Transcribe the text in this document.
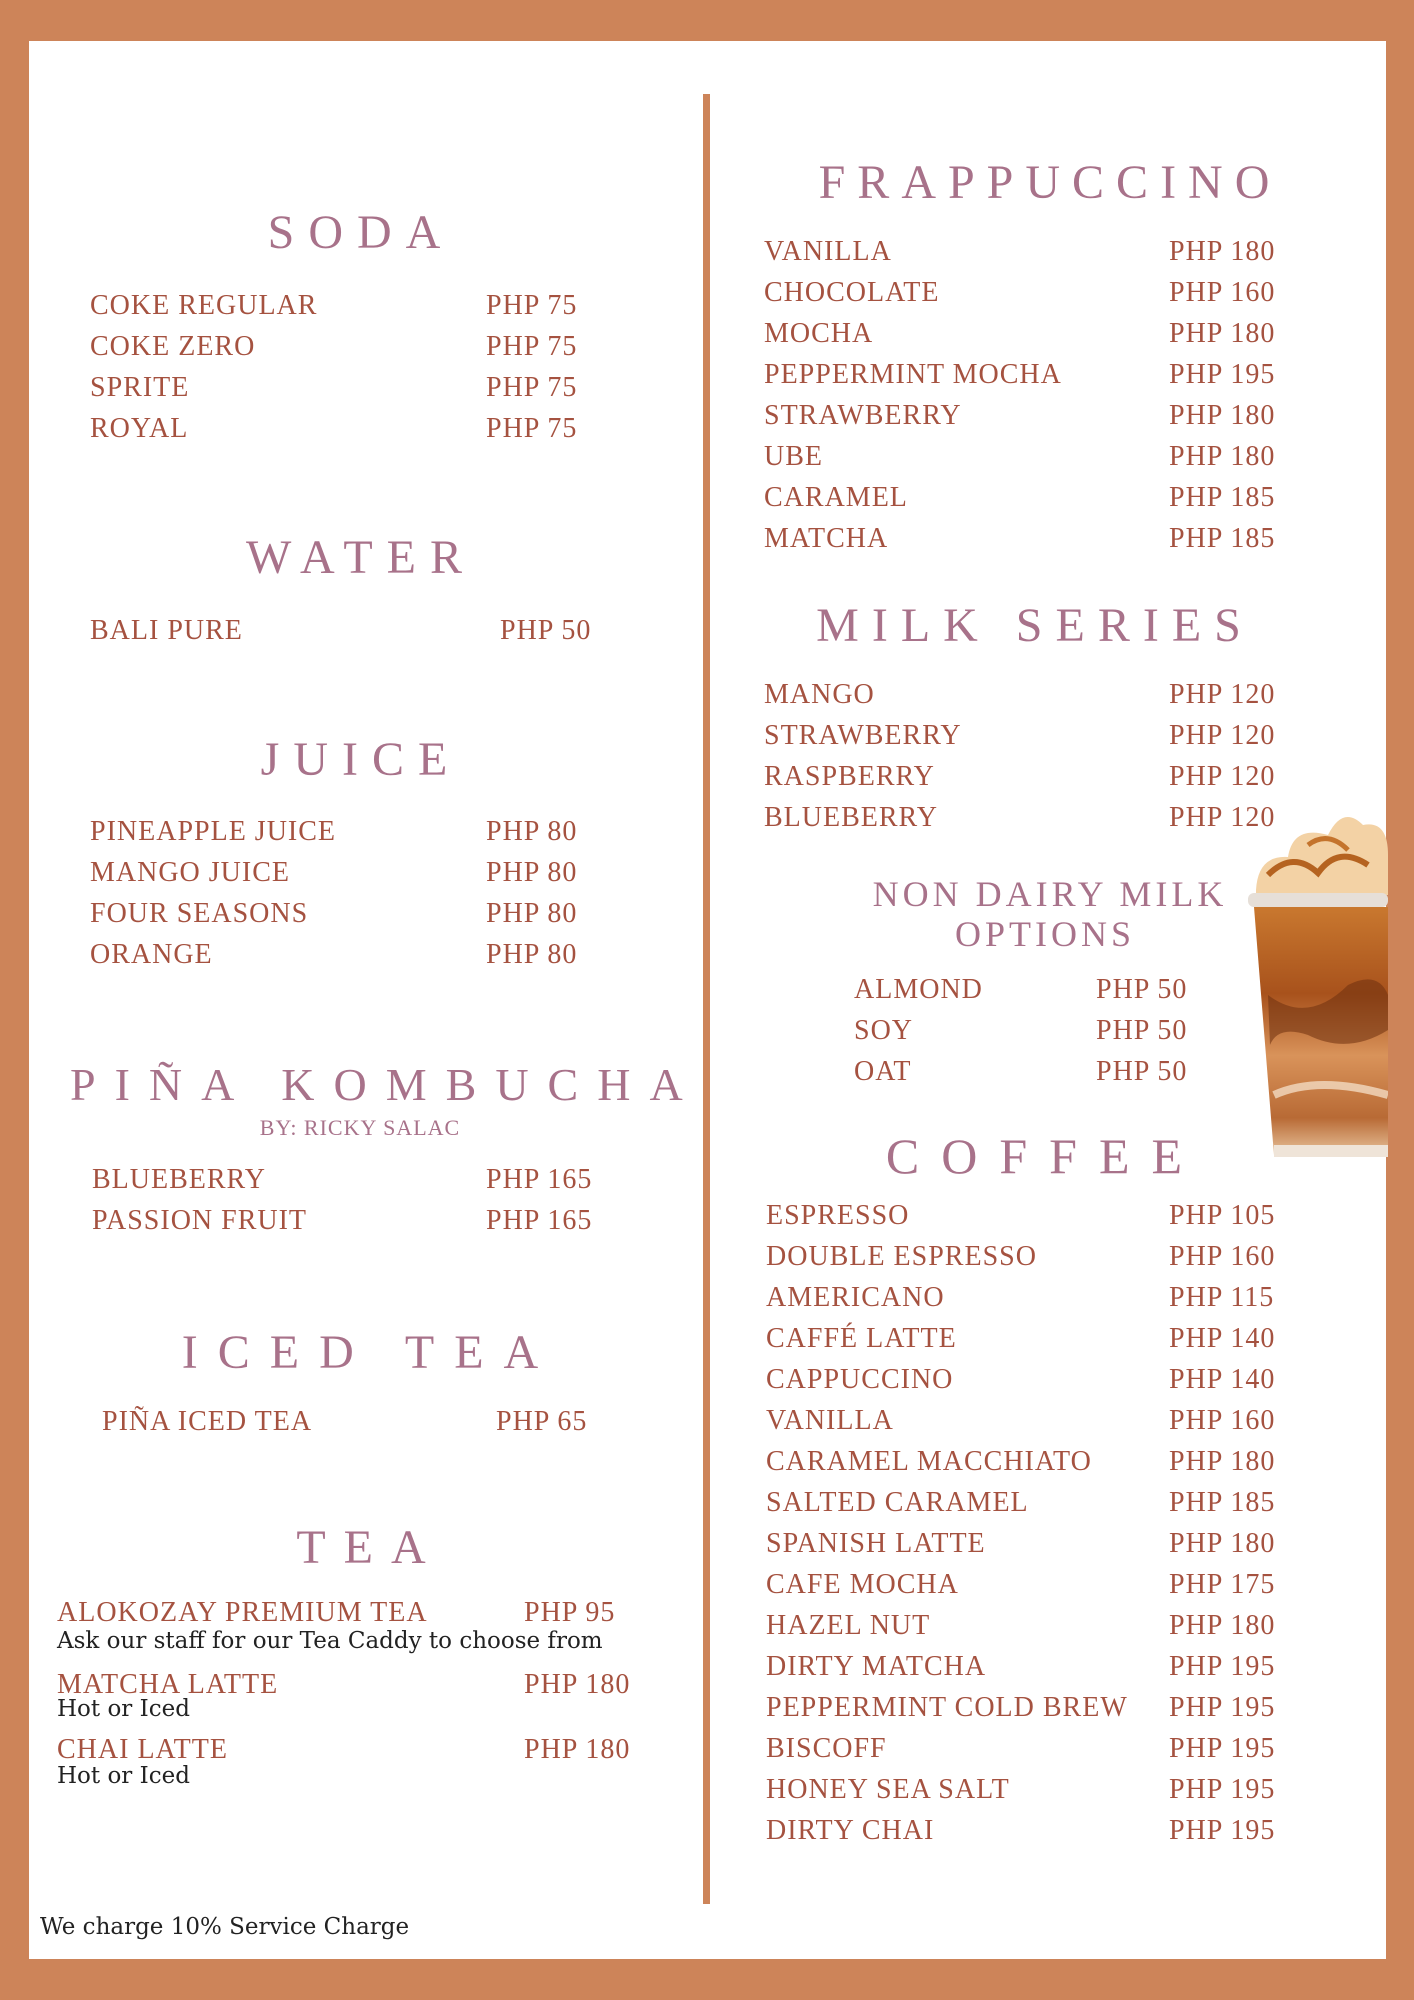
SODA
COKE REGULAR	PHP 75
COKE ZERO	PHP 75
SPRITE	PHP 75
ROYAL	PHP 75
WATER
BALI PURE	PHP 50
JUICE
PINEAPPLE JUICE	PHP 80
MANGO JUICE	PHP 80
FOUR SEASONS	PHP 80
ORANGE	PHP 80
PIÑA KOMBUCHA
BY: RICKY SALAC
BLUEBERRY	PHP 165
PASSION FRUIT	PHP 165
ICED TEA
PIÑA ICED TEA	PHP 65
TEA
ALOKOZAY PREMIUM TEA	PHP 95
Ask our staff for our Tea Caddy to choose from
MATCHA LATTE	PHP 180
Hot or Iced
CHAI LATTE	PHP 180
Hot or Iced
We charge 10% Service Charge
FRAPPUCCINO
VANILLA	PHP 180
CHOCOLATE	PHP 160
MOCHA	PHP 180
PEPPERMINT MOCHA	PHP 195
STRAWBERRY	PHP 180
UBE	PHP 180
CARAMEL	PHP 185
MATCHA	PHP 185
MILK SERIES
MANGO	PHP 120
STRAWBERRY	PHP 120
RASPBERRY	PHP 120
BLUEBERRY	PHP 120
NON DAIRY MILK
OPTIONS
ALMOND	PHP 50
SOY	PHP 50
OAT	PHP 50
COFFEE
ESPRESSO	PHP 105
DOUBLE ESPRESSO	PHP 160
AMERICANO	PHP 115
CAFFÉ LATTE	PHP 140
CAPPUCCINO	PHP 140
VANILLA	PHP 160
CARAMEL MACCHIATO	PHP 180
SALTED CARAMEL	PHP 185
SPANISH LATTE	PHP 180
CAFE MOCHA	PHP 175
HAZEL NUT	PHP 180
DIRTY MATCHA	PHP 195
PEPPERMINT COLD BREW PHP 195
BISCOFF	PHP 195
HONEY SEA SALT	PHP 195
DIRTY CHAI	PHP 195
